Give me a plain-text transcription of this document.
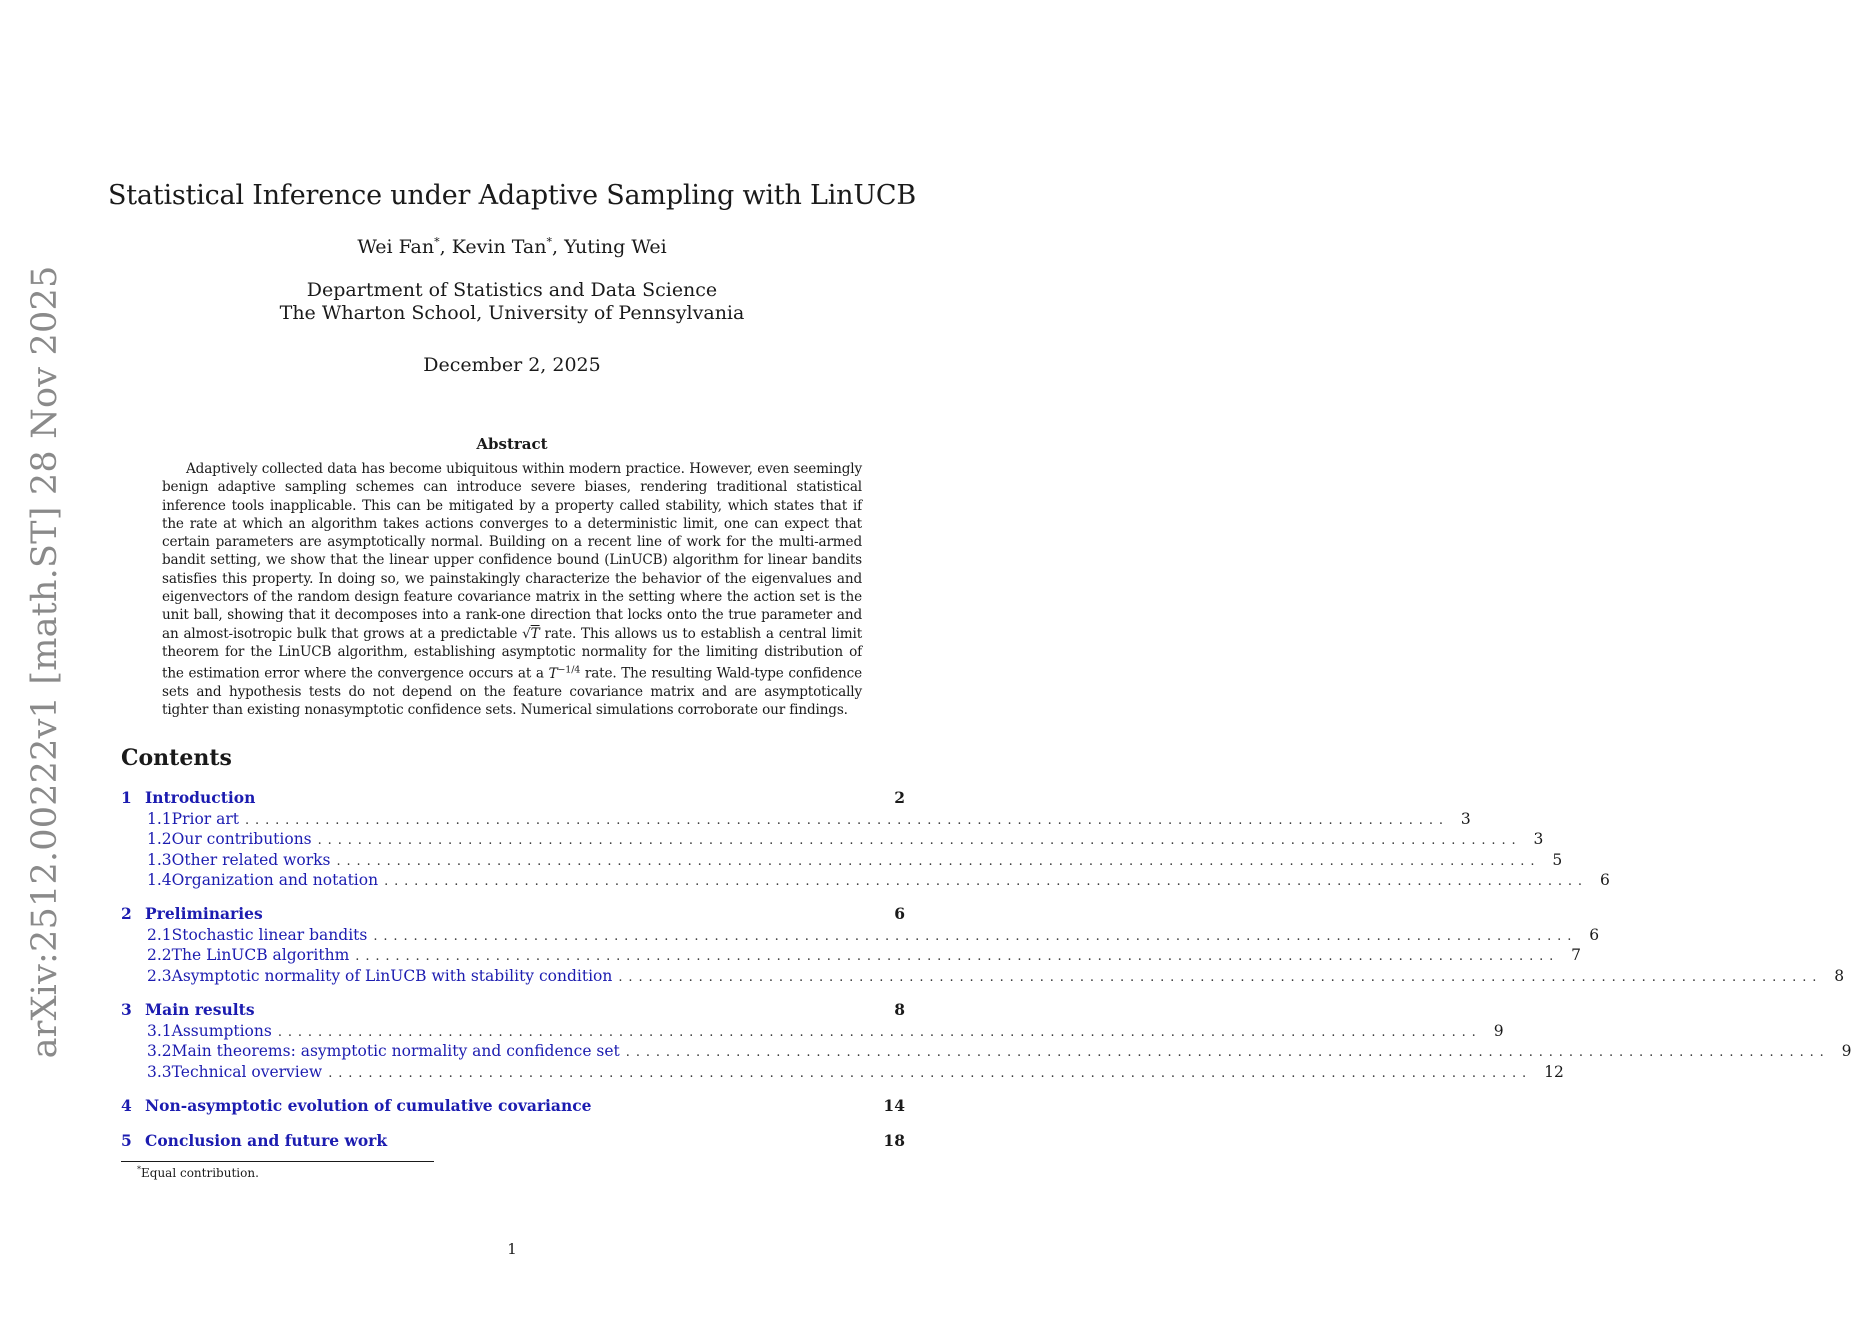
arXiv:2512.00222v1 [math.ST] 28 Nov 2025
Statistical Inference under Adaptive Sampling with LinUCB
Wei Fan*, Kevin Tan*, Yuting Wei
Department of Statistics and Data Science
The Wharton School, University of Pennsylvania
December 2, 2025
Abstract
Adaptively collected data has become ubiquitous within modern practice. However, even seemingly benign adaptive sampling schemes can introduce severe biases, rendering traditional statistical inference tools inapplicable. This can be mitigated by a property called stability, which states that if the rate at which an algorithm takes actions converges to a deterministic limit, one can expect that certain parameters are asymptotically normal. Building on a recent line of work for the multi-armed bandit setting, we show that the linear upper confidence bound (LinUCB) algorithm for linear bandits satisfies this property. In doing so, we painstakingly characterize the behavior of the eigenvalues and eigenvectors of the random design feature covariance matrix in the setting where the action set is the unit ball, showing that it decomposes into a rank-one direction that locks onto the true parameter and an almost-isotropic bulk that grows at a predictable √T rate. This allows us to establish a central limit theorem for the LinUCB algorithm, establishing asymptotic normality for the limiting distribution of the estimation error where the convergence occurs at a $T^{-1/4}$ rate. The resulting Wald-type confidence sets and hypothesis tests do not depend on the feature covariance matrix and are asymptotically tighter than existing nonasymptotic confidence sets. Numerical simulations corroborate our findings.
Contents
1 Introduction	2
1.1 Prior art ........................................................................................................................ 3
1.2 Our contributions ........................................................................................................................ 3
1.3 Other related works ........................................................................................................................ 5
1.4 Organization and notation ........................................................................................................................ 6
2 Preliminaries	6
2.1 Stochastic linear bandits ........................................................................................................................ 6
2.2 The LinUCB algorithm ........................................................................................................................ 7
2.3 Asymptotic normality of LinUCB with stability condition ........................................................................................................................ 8
3 Main results	8
3.1 Assumptions ........................................................................................................................ 9
3.2 Main theorems: asymptotic normality and confidence set ........................................................................................................................ 9
3.3 Technical overview ........................................................................................................................ 12
4 Non-asymptotic evolution of cumulative covariance	14
5 Conclusion and future work	18
*Equal contribution.
1
